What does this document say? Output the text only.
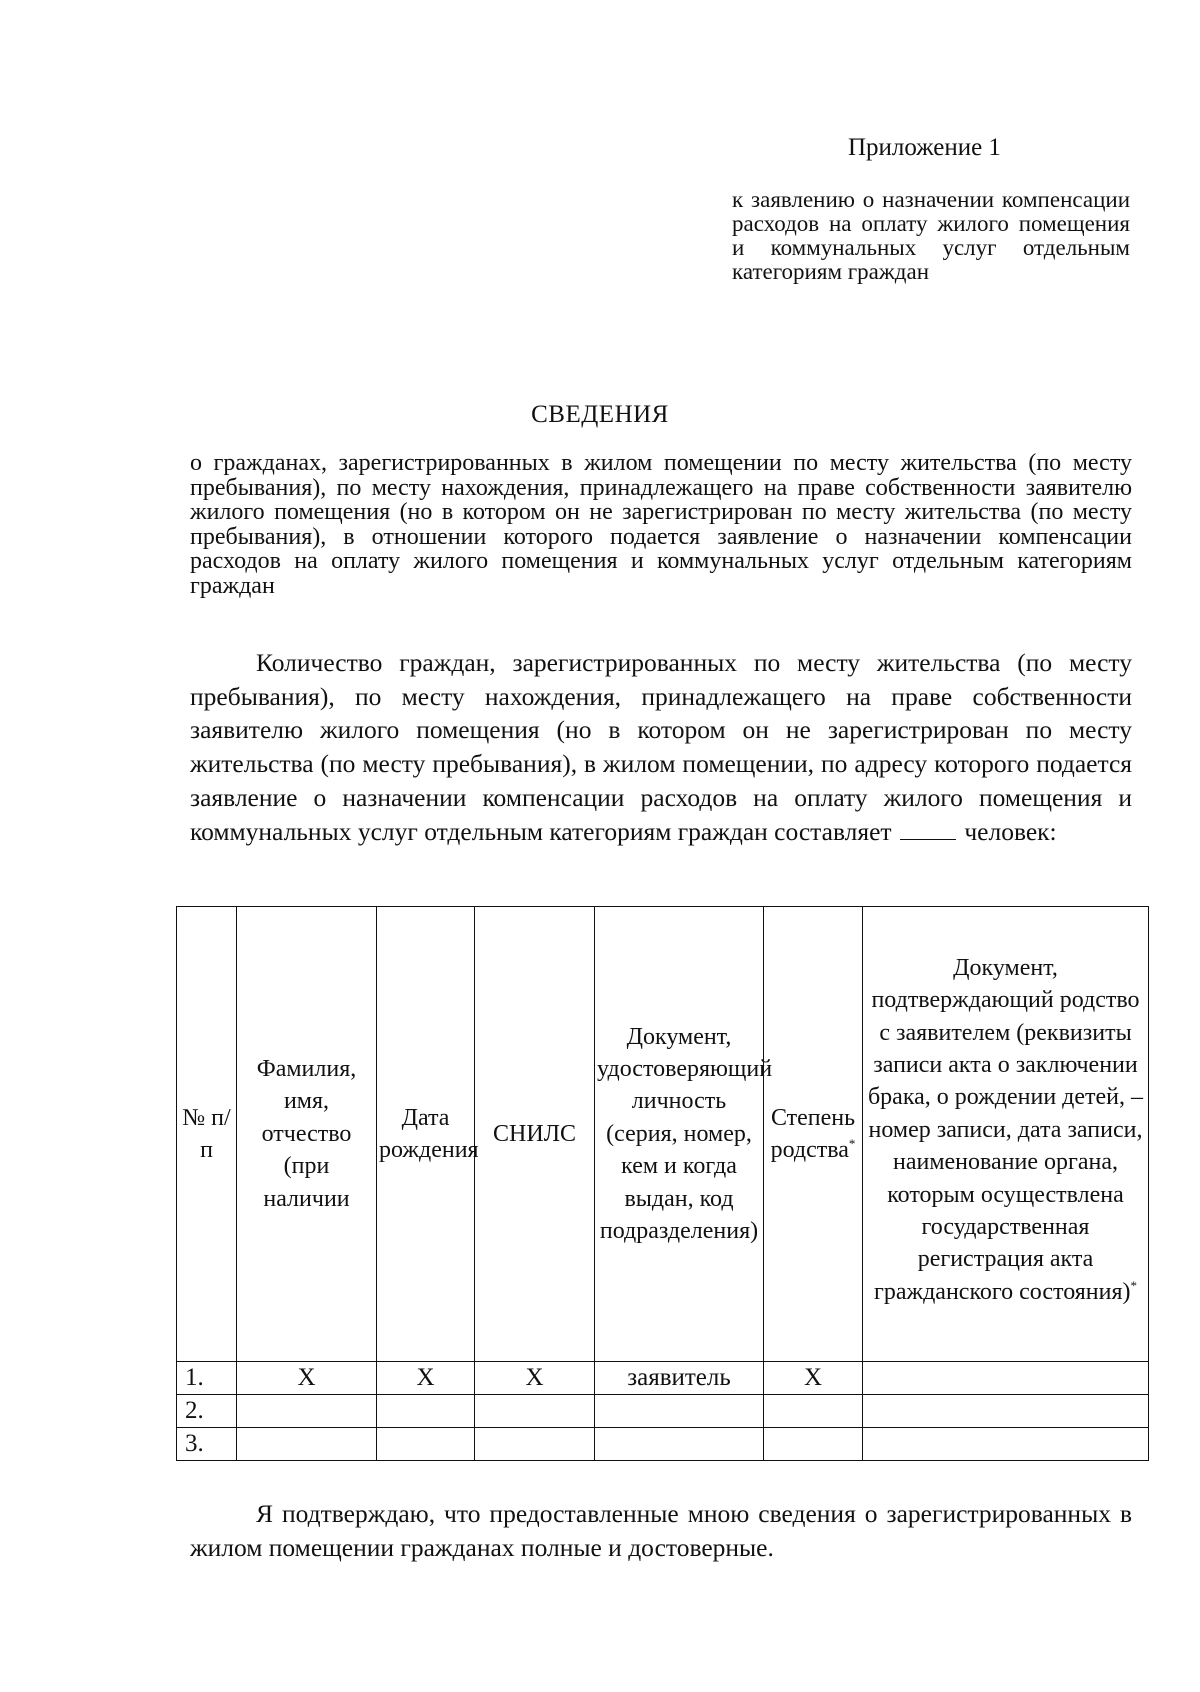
Приложение 1
к заявлению о назначении компенсации расходов на оплату жилого помещения и коммунальных услуг отдельным категориям граждан
СВЕДЕНИЯ
о гражданах, зарегистрированных в жилом помещении по месту жительства (по месту пребывания), по месту нахождения, принадлежащего на праве собственности заявителю жилого помещения (но в котором он не зарегистрирован по месту жительства (по месту пребывания), в отношении которого подается заявление о назначении компенсации расходов на оплату жилого помещения и коммунальных услуг отдельным категориям граждан
Количество граждан, зарегистрированных по месту жительства (по месту пребывания), по месту нахождения, принадлежащего на праве собственности заявителю жилого помещения (но в котором он не зарегистрирован по месту жительства (по месту пребывания), в жилом помещении, по адресу которого подается заявление о назначении компенсации расходов на оплату жилого помещения и коммунальных услуг отдельным категориям граждан составляет	человек:
№ п/п	Фамилия, имя, отчество (при наличии	Дата рождения	СНИЛС	Документ, удостоверяющий личность (серия, номер, кем и когда выдан, код подразделения)	Степень родства*	Документ, подтверждающий родство с заявителем (реквизиты записи акта о заключении брака, о рождении детей, – номер записи, дата записи, наименование органа, которым осуществлена государственная регистрация акта гражданского состояния)*

1.	Х	Х	Х	заявитель	Х	
2.						
3.						
Я подтверждаю, что предоставленные мною сведения о зарегистрированных в жилом помещении гражданах полные и достоверные.
